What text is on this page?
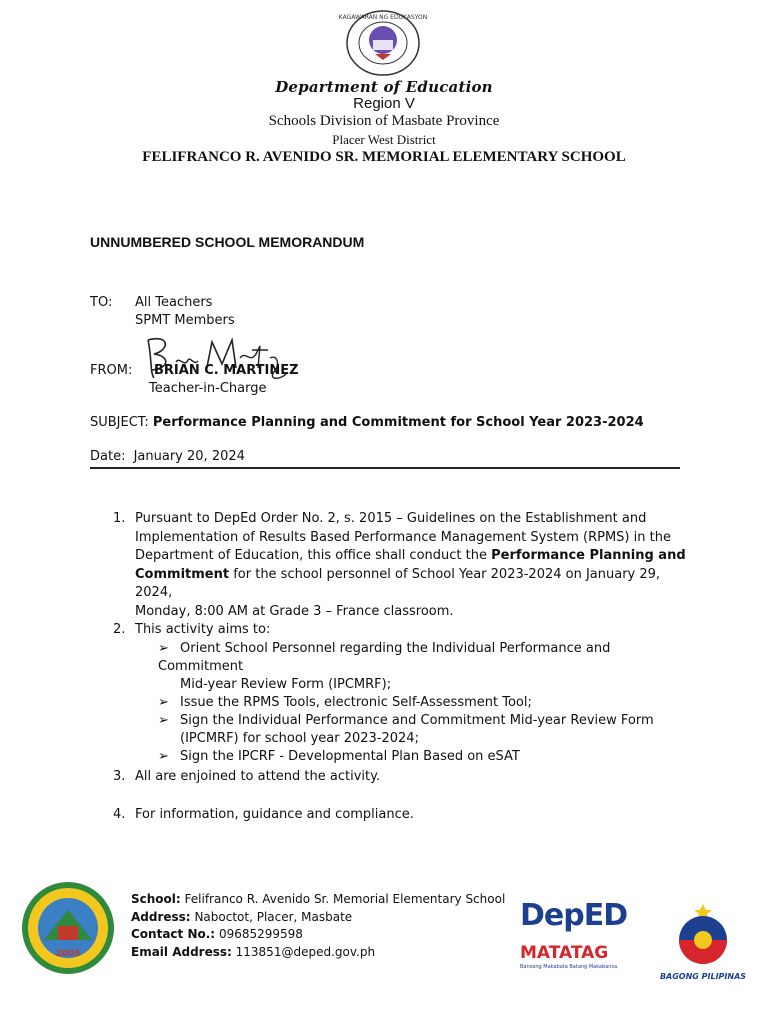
KAGAWARAN NG EDUKASYON
Department of Education
Region V
Schools Division of Masbate Province
Placer West District
FELIFRANCO R. AVENIDO SR. MEMORIAL ELEMENTARY SCHOOL
UNNUMBERED SCHOOL MEMORANDUM
TO: All Teachers
SPMT Members
FROM: BRIAN C. MARTINEZ
Teacher-in-Charge
SUBJECT: Performance Planning and Commitment for School Year 2023-2024
Date: January 20, 2024
1. Pursuant to DepEd Order No. 2, s. 2015 – Guidelines on the Establishment and
Implementation of Results Based Performance Management System (RPMS) in the
Department of Education, this office shall conduct the Performance Planning and
Commitment for the school personnel of School Year 2023-2024 on January 29, 2024,
Monday, 8:00 AM at Grade 3 – France classroom.
2. This activity aims to:
➢ Orient School Personnel regarding the Individual Performance and Commitment
Mid-year Review Form (IPCMRF);
➢ Issue the RPMS Tools, electronic Self-Assessment Tool;
➢ Sign the Individual Performance and Commitment Mid-year Review Form
(IPCMRF) for school year 2023-2024;
➢ Sign the IPCRF - Developmental Plan Based on eSAT
3. All are enjoined to attend the activity.
4. For information, guidance and compliance.
2005
School: Felifranco R. Avenido Sr. Memorial Elementary School
Address: Naboctot, Placer, Masbate
Contact No.: 09685299598
Email Address: 113851@deped.gov.ph
DepED
MATATAG
Bansang Makabata Batang Makabansa
BAGONG PILIPINAS
